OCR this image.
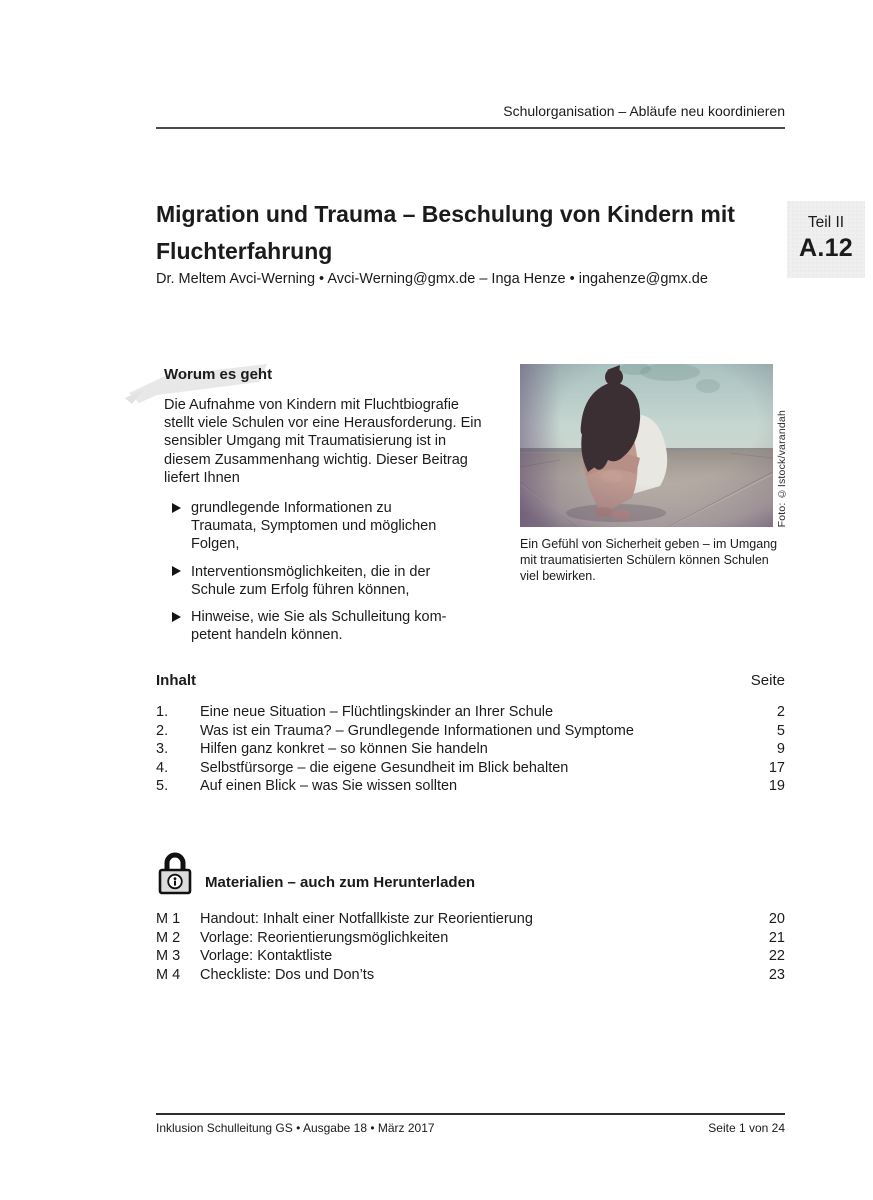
Schulorganisation – Abläufe neu koordinieren
Teil II
A.12
Migration und Trauma – Beschulung von Kindern mit
Fluchterfahrung
Dr. Meltem Avci-Werning • Avci-Werning@gmx.de – Inga Henze • ingahenze@gmx.de
Worum es geht
Die Aufnahme von Kindern mit Fluchtbiografie stellt viele Schulen vor eine Herausforderung. Ein sensibler Umgang mit Traumatisierung ist in diesem Zusammenhang wichtig. Dieser Beitrag liefert Ihnen
grundlegende Informationen zu Traumata, Symptomen und möglichen Folgen,
Interventionsmöglichkeiten, die in der Schule zum Erfolg führen können,
Hinweise, wie Sie als Schulleitung kompetent handeln können.
Foto: ©Istock/varandah
Ein Gefühl von Sicherheit geben – im Umgang mit traumatisierten Schülern können Schulen viel bewirken.
Inhalt	Seite
1.	Eine neue Situation – Flüchtlingskinder an Ihrer Schule	2
2.	Was ist ein Trauma? – Grundlegende Informationen und Symptome	5
3.	Hilfen ganz konkret – so können Sie handeln	9
4.	Selbstfürsorge – die eigene Gesundheit im Blick behalten	17
5.	Auf einen Blick – was Sie wissen sollten	19
Materialien – auch zum Herunterladen
M 1	Handout: Inhalt einer Notfallkiste zur Reorientierung	20
M 2	Vorlage: Reorientierungsmöglichkeiten	21
M 3	Vorlage: Kontaktliste	22
M 4	Checkliste: Dos und Don’ts	23
Inklusion Schulleitung GS • Ausgabe 18 • März 2017	Seite 1 von 24
